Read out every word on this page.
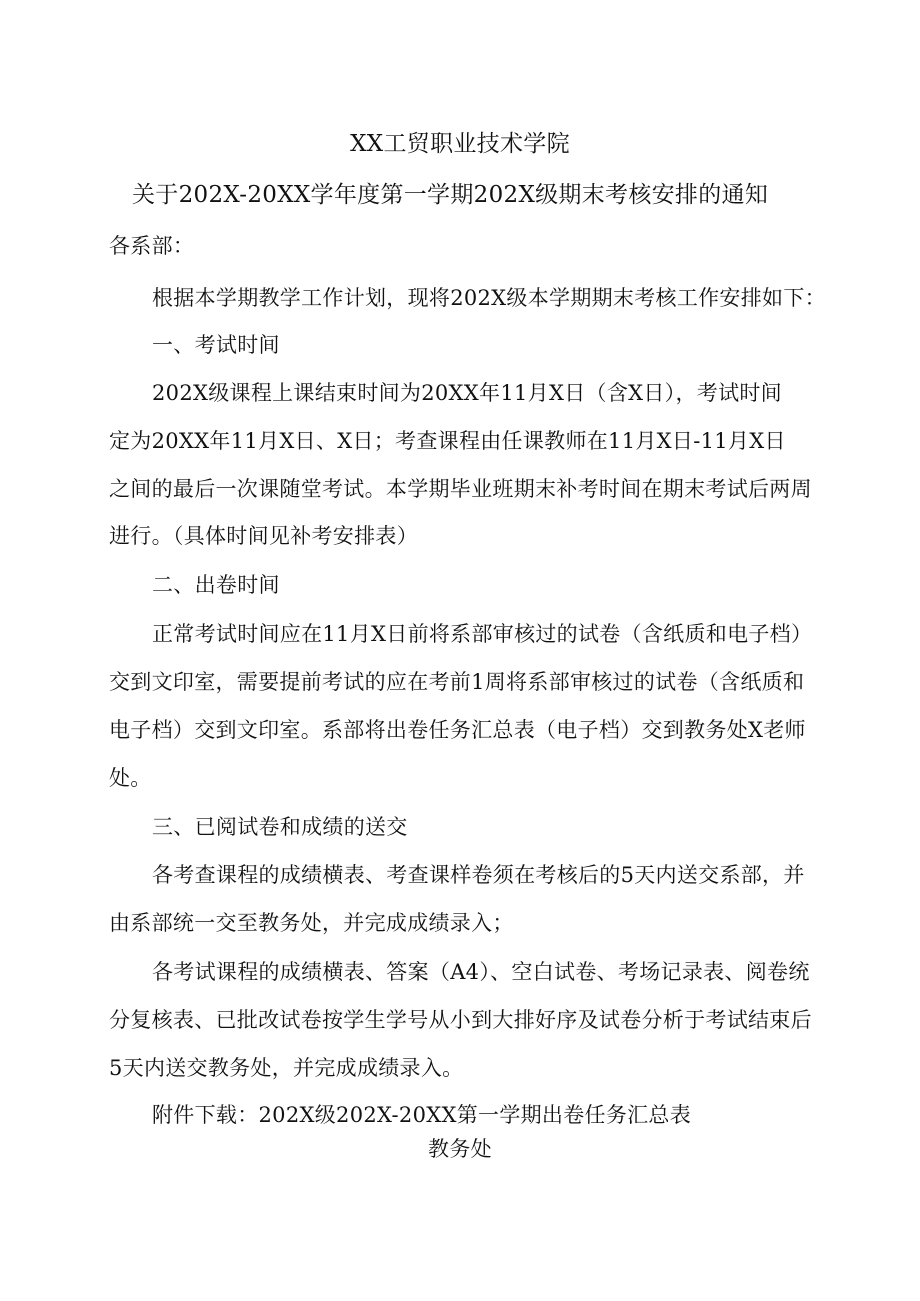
XX工贸职业技术学院
关于202X-20XX学年度第一学期202X级期末考核安排的通知
各系部：
根据本学期教学工作计划，现将202X级本学期期末考核工作安排如下：
一、考试时间
202X级课程上课结束时间为20XX年11月X日（含X日），考试时间
定为20XX年11月X日、X日；考查课程由任课教师在11月X日-11月X日
之间的最后一次课随堂考试。本学期毕业班期末补考时间在期末考试后两周
进行。（具体时间见补考安排表）
二、出卷时间
正常考试时间应在11月X日前将系部审核过的试卷（含纸质和电子档）
交到文印室，需要提前考试的应在考前1周将系部审核过的试卷（含纸质和
电子档）交到文印室。系部将出卷任务汇总表（电子档）交到教务处X老师
处。
三、已阅试卷和成绩的送交
各考查课程的成绩横表、考查课样卷须在考核后的5天内送交系部，并
由系部统一交至教务处，并完成成绩录入；
各考试课程的成绩横表、答案（A4）、空白试卷、考场记录表、阅卷统
分复核表、已批改试卷按学生学号从小到大排好序及试卷分析于考试结束后
5天内送交教务处，并完成成绩录入。
附件下载：202X级202X-20XX第一学期出卷任务汇总表
教务处
